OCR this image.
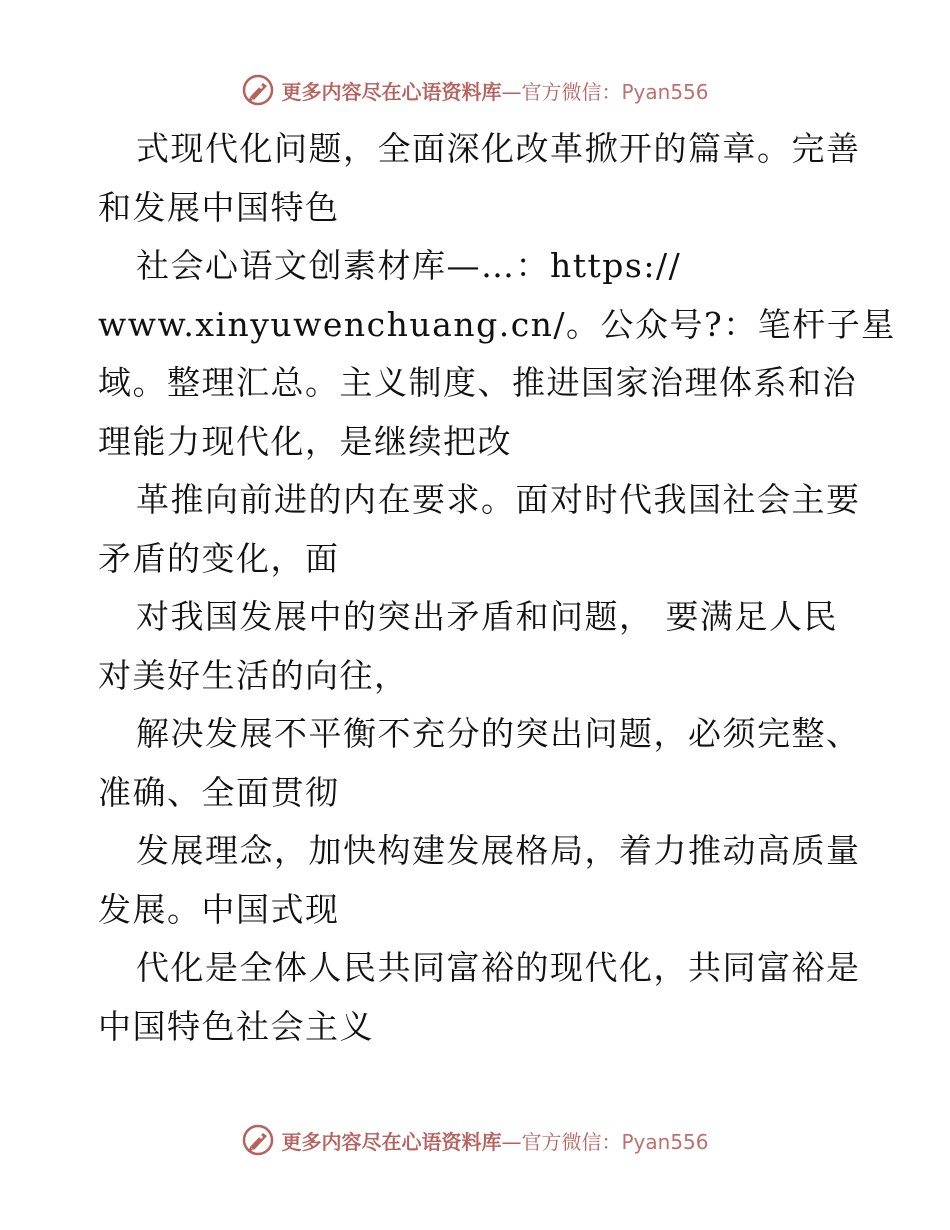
更多内容尽在心语资料库—官方微信：Pyan556
式现代化问题，全面深化改革掀开的篇章。完善
和发展中国特色
社会心语文创素材库—…：https://
www.xinyuwenchuang.cn/。公众号?：笔杆子星
域。整理汇总。主义制度、推进国家治理体系和治
理能力现代化，是继续把改
革推向前进的内在要求。面对时代我国社会主要
矛盾的变化，面
对我国发展中的突出矛盾和问题， 要满足人民
对美好生活的向往，
解决发展不平衡不充分的突出问题，必须完整、
准确、全面贯彻
发展理念，加快构建发展格局，着力推动高质量
发展。中国式现
代化是全体人民共同富裕的现代化，共同富裕是
中国特色社会主义
更多内容尽在心语资料库—官方微信：Pyan556
